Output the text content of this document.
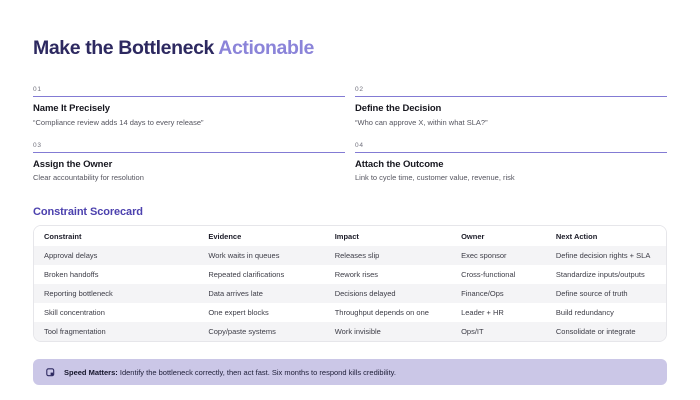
Make the Bottleneck Actionable
01
Name It Precisely
“Compliance review adds 14 days to every release”
02
Define the Decision
“Who can approve X, within what SLA?”
03
Assign the Owner
Clear accountability for resolution
04
Attach the Outcome
Link to cycle time, customer value, revenue, risk
Constraint Scorecard
Constraint	Evidence	Impact	Owner	Next Action
Approval delays	Work waits in queues	Releases slip	Exec sponsor	Define decision rights + SLA
Broken handoffs	Repeated clarifications	Rework rises	Cross-functional	Standardize inputs/outputs
Reporting bottleneck	Data arrives late	Decisions delayed	Finance/Ops	Define source of truth
Skill concentration	One expert blocks	Throughput depends on one	Leader + HR	Build redundancy
Tool fragmentation	Copy/paste systems	Work invisible	Ops/IT	Consolidate or integrate
Speed Matters: Identify the bottleneck correctly, then act fast. Six months to respond kills credibility.
